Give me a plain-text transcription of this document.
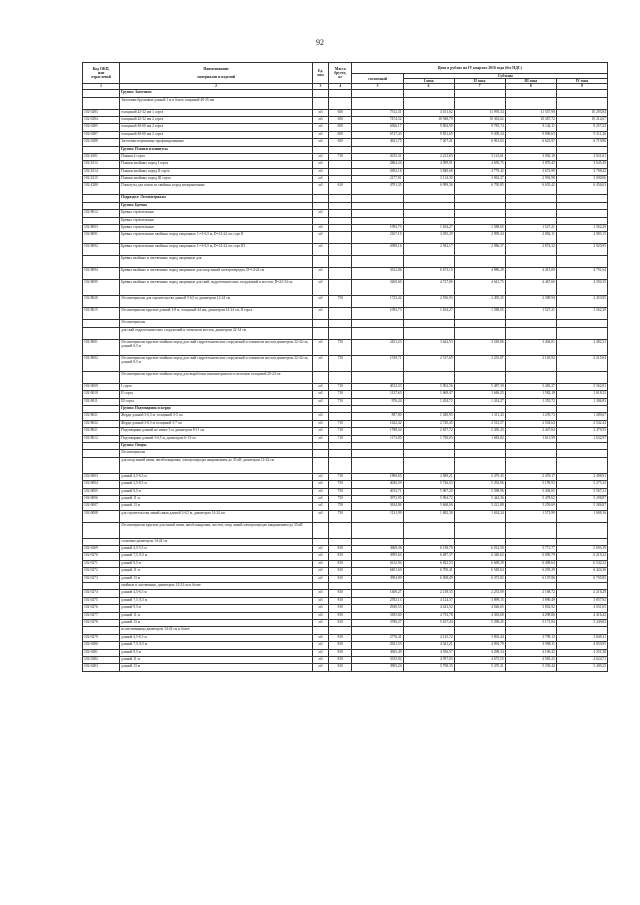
92
Код ОКП,
или
отраслевой	Наименование

материалов и изделий	Ед.
изм	Масса
брутто,
кг	Цена в рублях на IV квартал 2016 года (без НДС)				
				столичный	Субзоны			
					I зона	II зона	III зона	IV зона
1	2	3	4	5	6	7	8	9
	Группа: Заготовки							
	Заготовки брусковые длиной 1 м и более, шириной 40-25 мм							
102-0283	толщиной 22-32 мм 1 сорта	м3	650	7512,31	4 101,02	11 995,34	11 357,90	10 293,84
102-0284	толщиной 22-32 мм 2 сорта	м3	650	7474,52	10 948,79	10 363,62	10 367,72	10 214,67
102-0285	толщиной 40-60 мм 2 сорта	м3	650	6566,17	9 804,90	9 785,74	9 142,11	9 257,23
102-0287	толщиной 40-60 мм 2 сорта	м3	650	6727,43	9 851,65	9 309,24	9 096,63	9 311,26
102-0288	Заготовки перевязные профилированные	м3	650	4921,75	7 207,41	6 961,63	6 623,97	6 719,86
	Группа: Планки и плинтусы							
102-4301	Планки 4 сорта	м3	710	2015,31	2 212,83	3 123,61	3 002,10	3 021,61
102-4312	Планки хвойных пород I сорта	м3		2864,24	4 099,91	4 650,75	3 870,45	3 645,49
102-4314	Планки хвойных пород II сорта	м3		2692,16	3 849,68	3 779,42	3 672,99	3 708,42
102-4315	Планки хвойных пород III сорта	м3		2177,81	3 114,30	3 063,27	2 992,98	3 000,06
102-4280	Плинтусы для полов из хвойных пород неокрашенные	м3	610	4791,35	6 999,36	6 795,85	6 635,42	6 456,63
	Подраздел: Лесоматериалы							
	Группа: Бревна							
102-8012	Бревна строительные	м3						
	Бревна строительные							
102-8003	Бревна строительные	м3		1093,73	1 634,27	1 588,65	1 527,21	1 562,29
102-8091	Бревна строительные хвойных пород окоренные, L=3-6,5 м, D=14-24 см, сорт II	м3		2167,10	3 055,29	2 999,24	2 882,11	2 983,15
102-8092	Бревна строительные хвойных пород окоренные, L=3-6,5 м, D=14-24 см, сорт III	м3		2090,16	2 942,17	2 986,37	2 874,32	2 920,95
	Бревна хвойных и лиственных пород окоренные для							
102-8094	Бревна хвойных и лиственных пород окоренные для опор линий электропередач, D=14-24 см	м3		3522,86	6 673,10	4 980,29	4 415,00	4 791,64
102-8095	Бревна хвойных и лиственных пород окоренные для свай, гидротехнических сооружений и мостов, D=22-34 см	м3		3260,60	4 727,86	4 641,75	4 467,60	4 594,35
102-8020	Лесоматериалы для строительства длиной 3-6,5 м, диаметром 12-24 см	м3	750	1723,42	2 556,93	2 495,35	2 398,94	2 453,95
102-8015	Лесоматериалы круглые длиной 3-8 м, толщиной 44 мм, диаметром 14-24 см, II сорта	м3		1093,73	1 634,27	1 588,65	1 527,21	1 562,29
	Лесоматериалы							
	для свай гидротехнических сооружений и элементов мостов, диаметром 22-34 см							
102-8001	Лесоматериалы круглые хвойных пород для свай гидротехнических сооружений и элементов мостов диаметром 22-34 см, длиной 6,5 м	м3	750	2451,23	3 642,53	3 549,86	3 404,01	3 482,21
102-8002	Лесоматериалы круглые хвойных пород для свай гидротехнических сооружений и элементов мостов диаметром 22-34 см, длиной 8,5 м	м3	750	1539,71	2 317,69	2 235,87	2 165,92	2 215,64
	Лесоматериалы круглые хвойных пород для выработки пиломатериалов и заготовок толщиной 20-24 см							
102-0009	I сорта	м3	710	4012,33	5 902,56	5 487,39	5 483,27	5 562,81
102-0010	II сорта	м3	710	1137,63	1 669,47	1 646,25	1 582,18	1 618,33
102-0011	III сорта	м3	710	976,24	1 454,72	1 414,27	1 355,72	1 386,83
	Группа: Подтоварник и жерди							
102-8021	Жерди длиной 3-6,5 м, толщиной 3-5 см	м3		897,80	1 349,95	1 311,43	1 259,73	1 289,67
102-8022	Жерди длиной 3-6,5 м толщиной 3-7 см	м3	710	1622,42	2 720,45	2 512,57	2 504,64	2 542,44
102-8021	Подтоварник длиной не менее 3 м, диаметром 8-11 см	м3	710	1788,34	2 657,72	2 450,43	2 447,64	2 479,55
102-8012	Подтоварник длиной 3-6,5 м, диаметром 6-13 см	м3	710	1173,85	1 750,03	1 683,82	1 611,99	1 632,97
	Группа: Опоры							
	Лесоматериалы							
	для опор линий связи, автоблокировки, электропередач напряжением до 35 кВ, диаметром 14-24 см							
102-0003	длиной 4,5-6,5 м	м3	710	1890,65	2 689,21	2 479,45	2 478,17	2 498,91
102-0004	длиной 2,5-8,5 м	м3	750	4026,59	5 726,53	5 292,96	5 199,93	5 275,34
102-0005	длиной 9,5 м	м3	750	4013,71	5 967,20	5 598,96	5 494,65	5 567,21
102-0006	длиной 11 м	м3	750	3973,95	5 904,72	5 444,36	5 478,62	5 298,87
102-0007	длиной 13 м	м3	750	3634,86	5 668,06	5 221,88	5 259,69	5 286,87
102-0008	для строительства линий связи длиной 3-6,5 м, диаметром 14-24 см	м3	750	1131,99	1 682,30	1 634,24	1 571,99	1 608,16
	Лесоматериалы круглые для линий связи, автоблокировки, мостов, опор линий электропередач напряжением до 35 кВ							
	сосновые диаметром 14-24 см							
102-0269	длиной 4,5-5,5 м	м3	810	3669,36	6 138,79	6 012,50	5 771,77	5 693,19
102-0270	длиной 7,5, 8,5 м	м3	810	3995,64	6 487,37	6 340,62	6 090,79	6 219,22
102-0271	длиной 9,5 м	м3	810	6212,94	6 822,53	6 669,29	6 498,64	6 542,22
102-0272	длиной 11 м	м3	810	6401,60	6 700,41	6 549,64	6 293,29	6 424,36
102-0273	длиной 13 м	м3	810	3994,89	6 508,49	6 473,82	6 107,86	6 705,85
	хвойные и лиственные, диаметром 14-24 см и более							
102-0274	длиной 4,5-6,5 м	м3	810	1369,27	2 218,35	2 253,09	2 168,72	2 216,29
102-0275	длиной 7,5, 8,5 м	м3	810	2782,13	4 124,37	3 899,15	3 890,49	3 857,92
102-0276	длиной 9,5 м	м3	810	2949,53	4 423,52	4 026,65	3 802,92	4 031,65
102-0277	длиной 11 м	м3	810	3185,60	4 733,78	4 363,60	4 298,86	4 416,42
102-0278	длиной 13 м	м3	810	3780,27	5 617,44	5 298,45	5 171,84	5 249,82
	из лиственницы диаметром 14-24 см и более							
102-0279	длиной 4,5-6,5 м	м3	810	2776,41	4 125,72	3 892,44	3 799,13	3 849,11
102-0280	длиной 7,5, 8,5 м	м3	810	2921,53	4 341,21	4 094,79	3 998,11	4 050,95
102-0281	длиной 9,5 м	м3	810	3065,49	4 556,57	4 298,34	4 196,42	4 251,38
102-0282	длиной 11 м	м3	810	3335,82	4 957,03	4 675,55	4 565,23	4 624,71
102-0283	длиной 13 м	м3	810	3905,24	5 798,35	5 470,21	5 339,44	5 409,25
